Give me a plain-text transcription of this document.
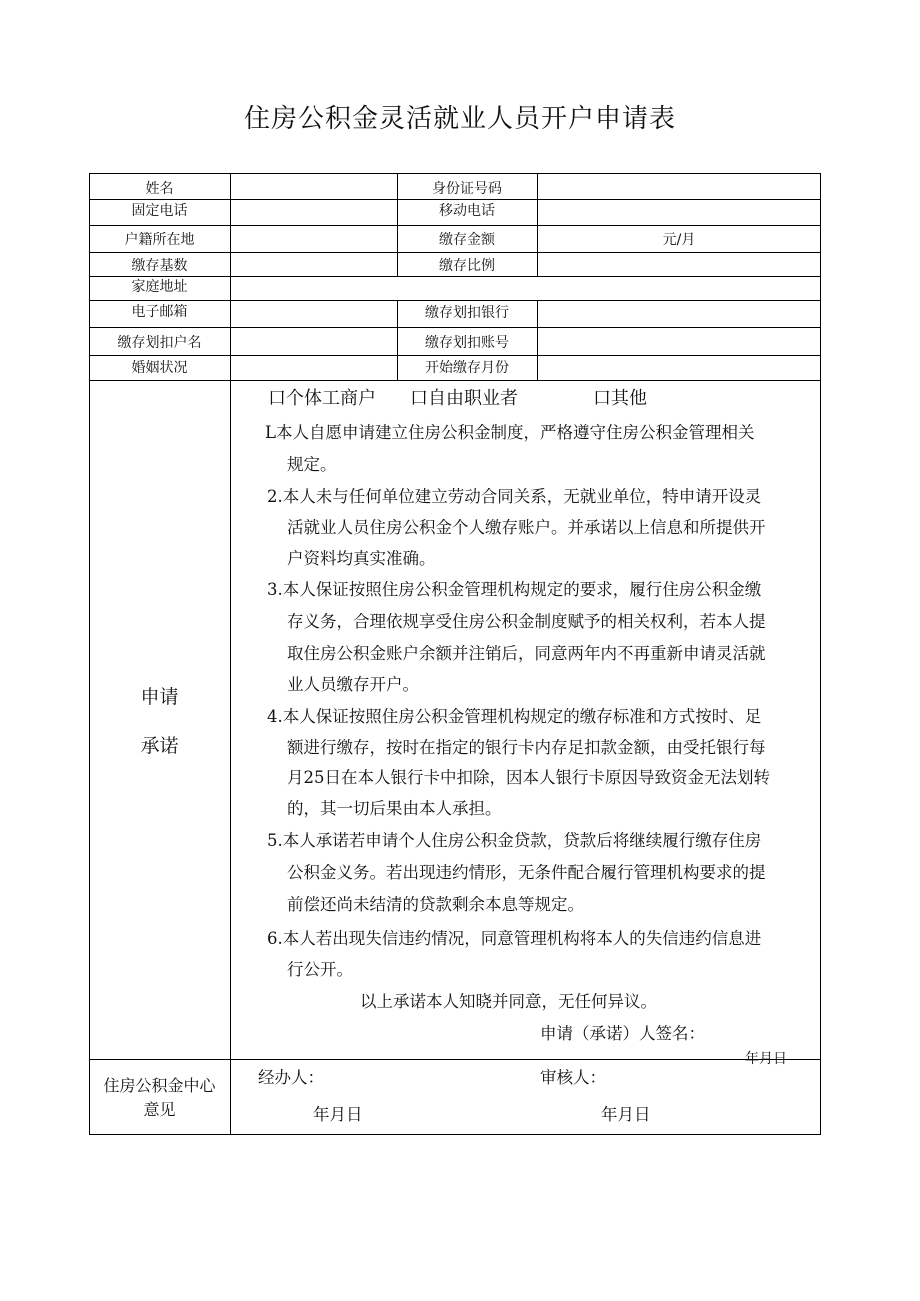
住房公积金灵活就业人员开户申请表
姓名	身份证号码
固定电话	移动电话
户籍所在地	缴存金额	元/月
缴存基数	缴存比例
家庭地址
电子邮箱	缴存划扣银行
缴存划扣户名	缴存划扣账号
婚姻状况	开始缴存月份
申请
承诺
口个体工商户 口自由职业者	口其他
L本人自愿申请建立住房公积金制度，严格遵守住房公积金管理相关
规定。
2.本人未与任何单位建立劳动合同关系，无就业单位，特申请开设灵
活就业人员住房公积金个人缴存账户。并承诺以上信息和所提供开
户资料均真实准确。
3.本人保证按照住房公积金管理机构规定的要求，履行住房公积金缴
存义务，合理依规享受住房公积金制度赋予的相关权利，若本人提
取住房公积金账户余额并注销后，同意两年内不再重新申请灵活就
业人员缴存开户。
4.本人保证按照住房公积金管理机构规定的缴存标准和方式按时、足
额进行缴存，按时在指定的银行卡内存足扣款金额，由受托银行每
月25日在本人银行卡中扣除，因本人银行卡原因导致资金无法划转
的，其一切后果由本人承担。
5.本人承诺若申请个人住房公积金贷款，贷款后将继续履行缴存住房
公积金义务。若出现违约情形，无条件配合履行管理机构要求的提
前偿还尚未结清的贷款剩余本息等规定。
6.本人若出现失信违约情况，同意管理机构将本人的失信违约信息进
行公开。
以上承诺本人知晓并同意，无任何异议。
申请（承诺）人签名：
年月日
住房公积金中心
意见
经办人：	审核人：
年月日	年月日
